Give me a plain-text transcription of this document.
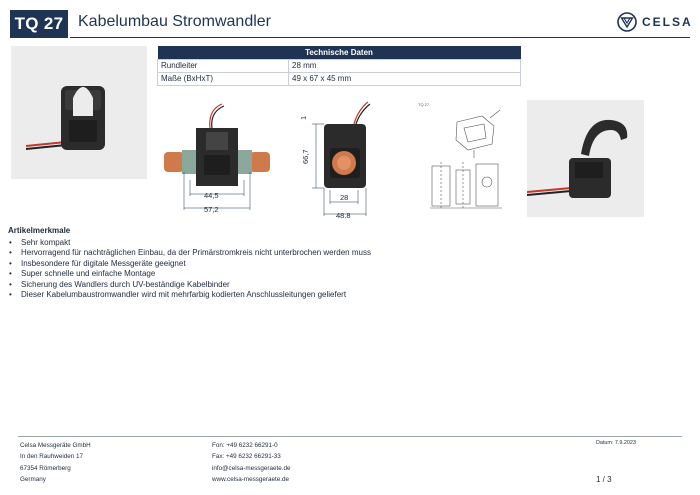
TQ 27 Kabelumbau Stromwandler	CELSA
Technische Daten	
Rundleiter	28 mm
Maße (BxHxT)	49 x 67 x 45 mm
44,5
57,2
1
66,7
28
48,8
TQ 27
Artikelmerkmale
• Sehr kompakt
• Hervorragend für nachträglichen Einbau, da der Primärstromkreis nicht unterbrochen werden muss
• Insbesondere für digitale Messgeräte geeignet
• Super schnelle und einfache Montage
• Sicherung des Wandlers durch UV-beständige Kabelbinder
• Dieser Kabelumbaustromwandler wird mit mehrfarbig kodierten Anschlussleitungen geliefert
Celsa Messgeräte GmbH
In den Rauhweiden 17
67354 Römerberg
Germany
Fon: +49 6232 66291-0
Fax: +49 6232 66291-33
info@celsa-messgeraete.de
www.celsa-messgeraete.de
Datum: 7.9.2023
1 / 3
